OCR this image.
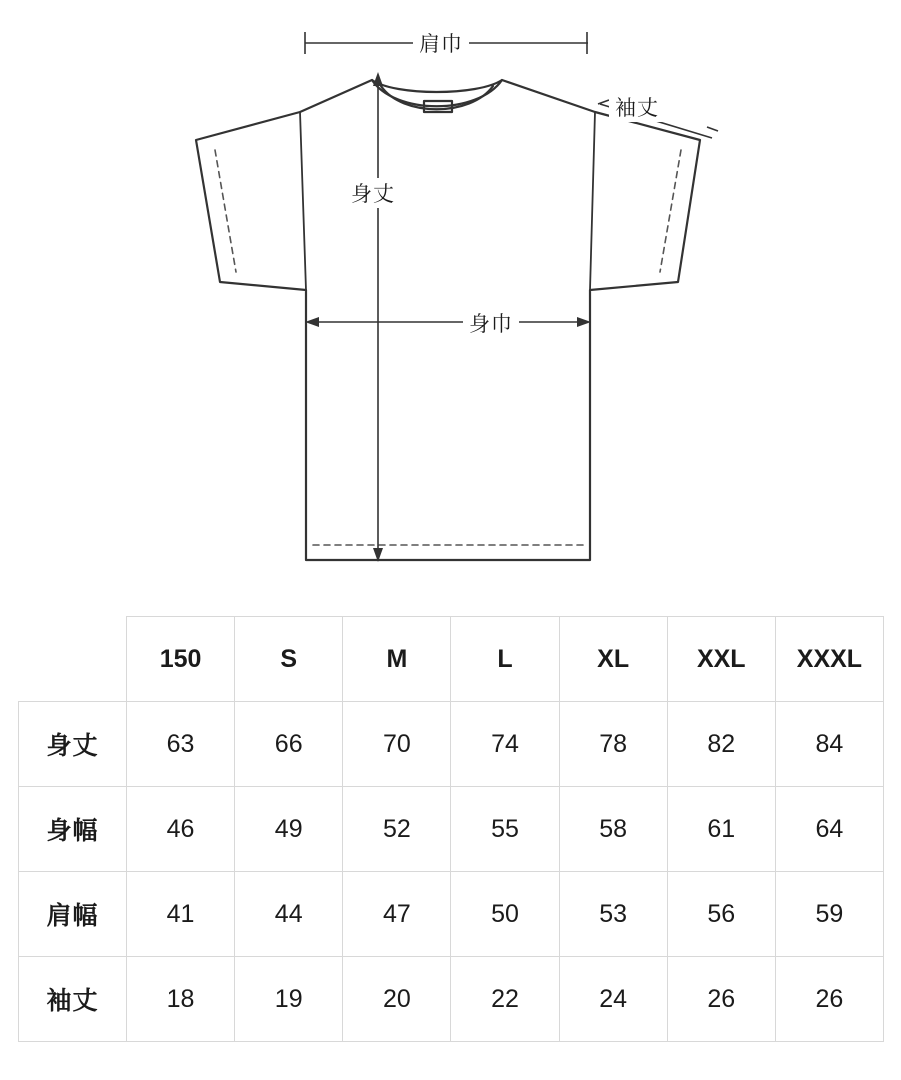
肩巾
袖丈
身丈
身巾
	150	S	M	L	XL	XXL	XXXL
身丈	63	66	70	74	78	82	84
身幅	46	49	52	55	58	61	64
肩幅	41	44	47	50	53	56	59
袖丈	18	19	20	22	24	26	26
